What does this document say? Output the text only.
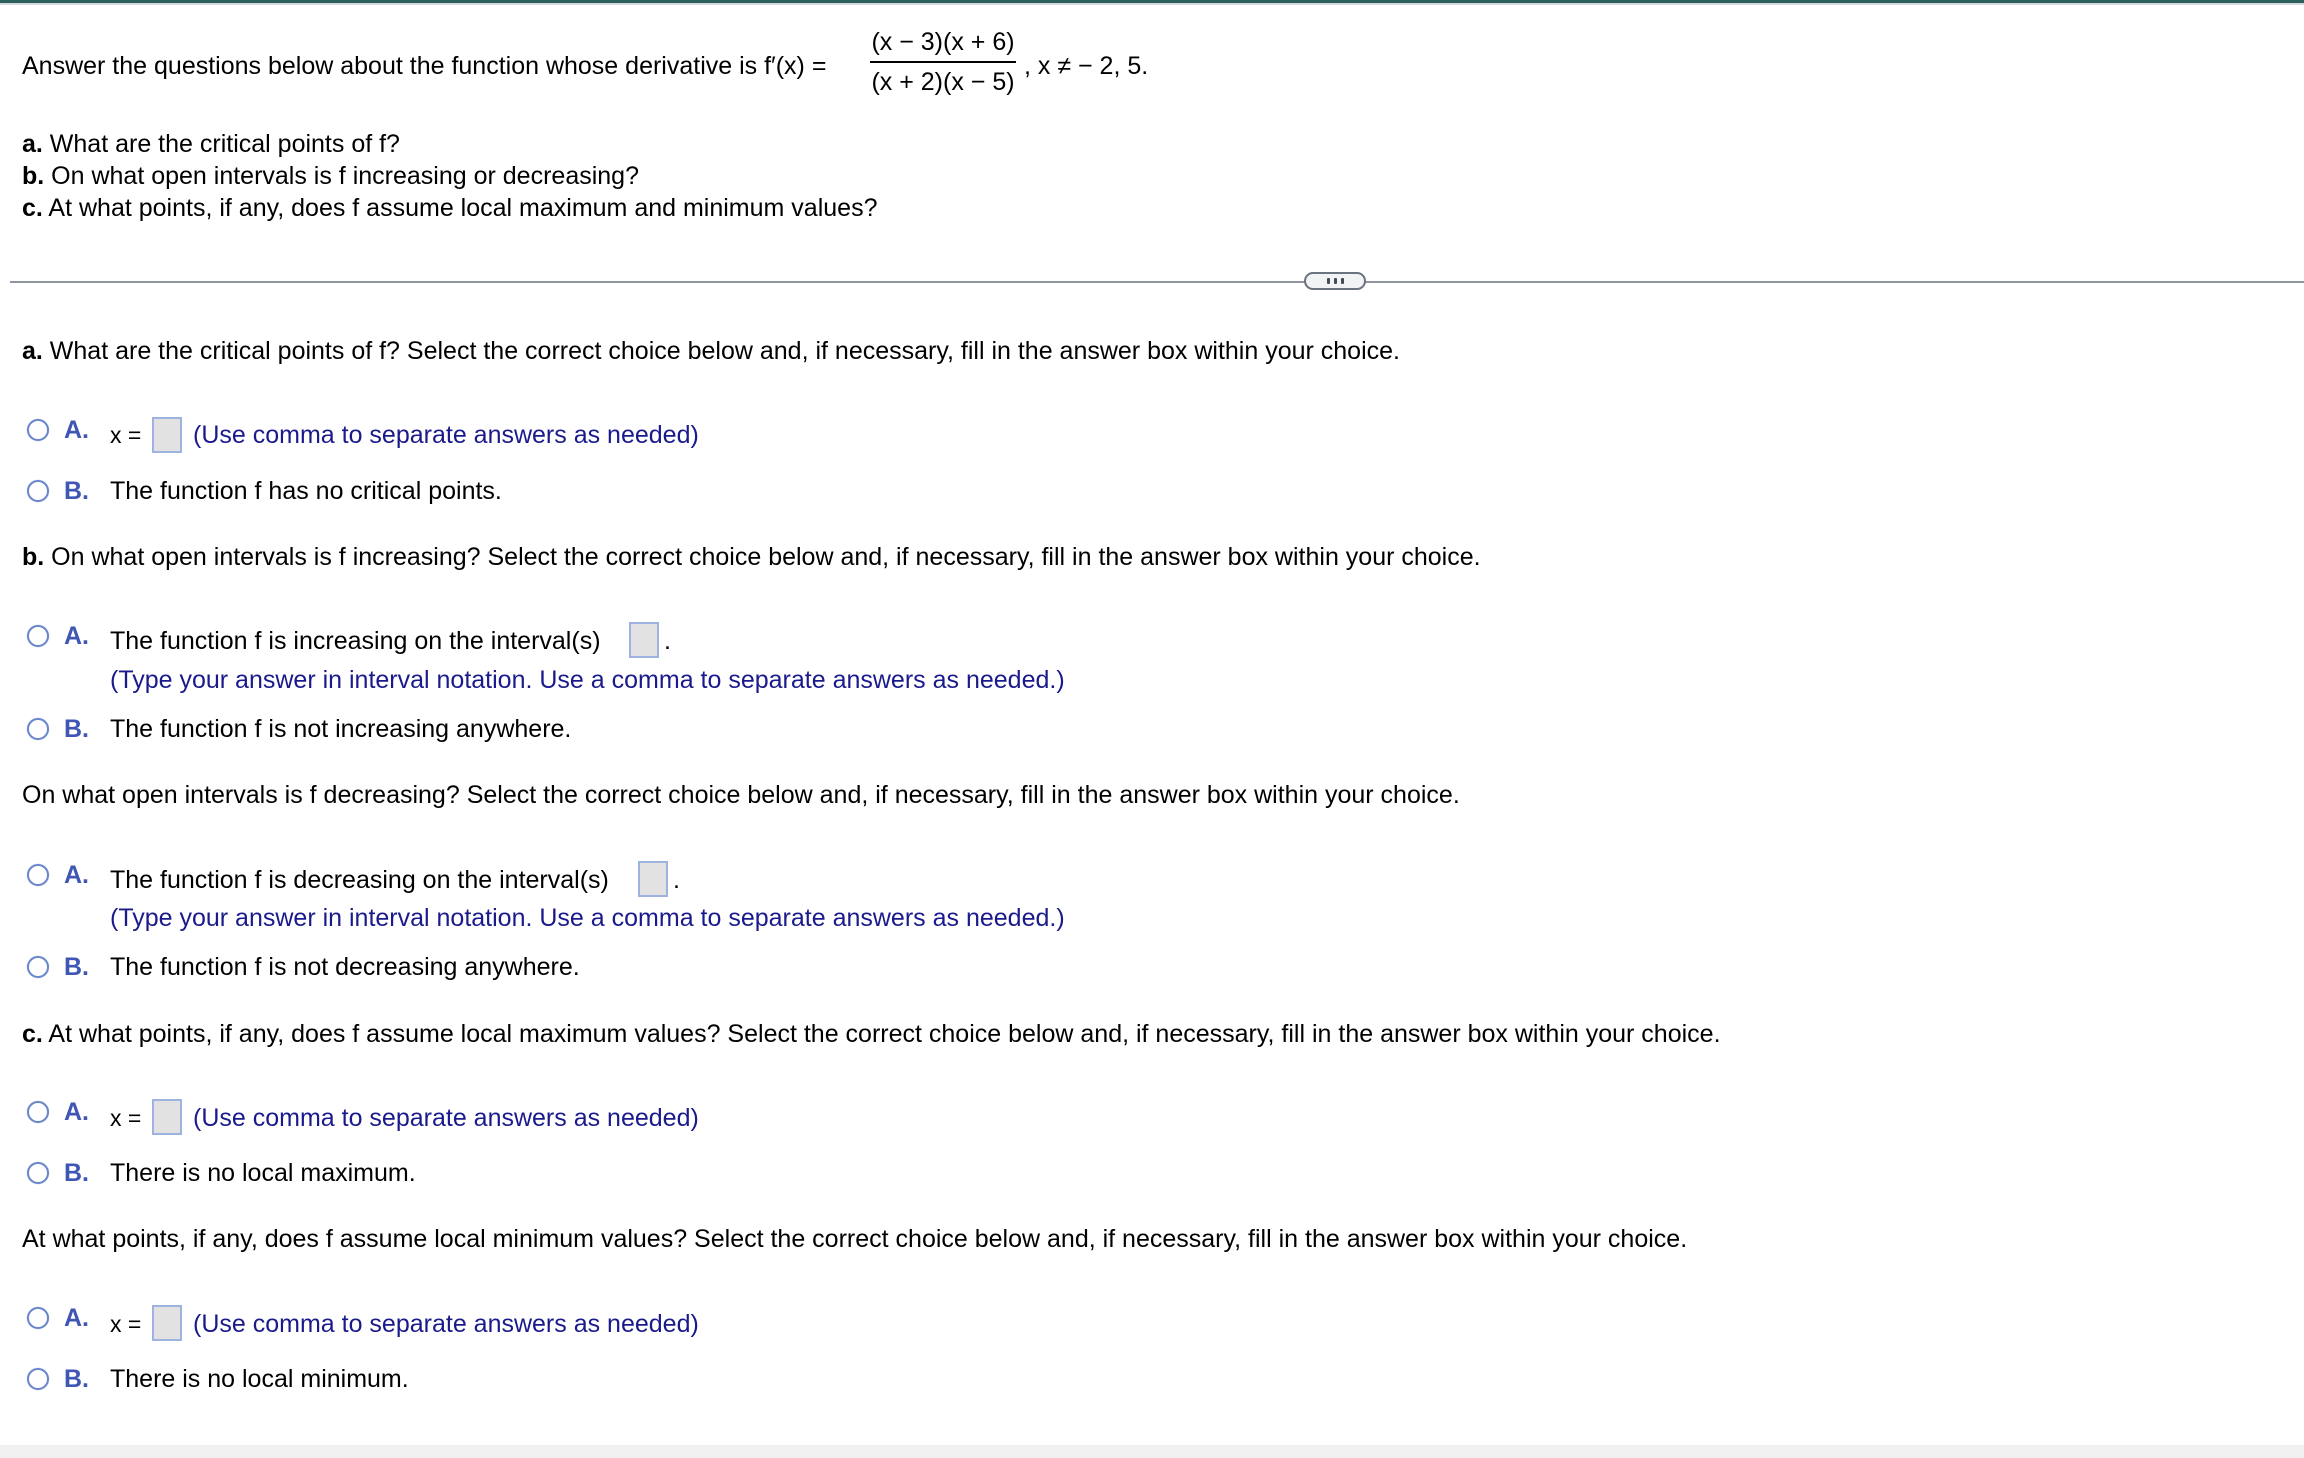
Answer the questions below about the function whose derivative is f′(x) =
(x − 3)(x + 6)
(x + 2)(x − 5)
, x ≠ − 2, 5.
a. What are the critical points of f?
b. On what open intervals is f increasing or decreasing?
c. At what points, if any, does f assume local maximum and minimum values?
a. What are the critical points of f? Select the correct choice below and, if necessary, fill in the answer box within your choice.
A. x = (Use comma to separate answers as needed)
B. The function f has no critical points.
b. On what open intervals is f increasing? Select the correct choice below and, if necessary, fill in the answer box within your choice.
A. The function f is increasing on the interval(s)	.
(Type your answer in interval notation. Use a comma to separate answers as needed.)
B. The function f is not increasing anywhere.
On what open intervals is f decreasing? Select the correct choice below and, if necessary, fill in the answer box within your choice.
A. The function f is decreasing on the interval(s)	.
(Type your answer in interval notation. Use a comma to separate answers as needed.)
B. The function f is not decreasing anywhere.
c. At what points, if any, does f assume local maximum values? Select the correct choice below and, if necessary, fill in the answer box within your choice.
A. x = (Use comma to separate answers as needed)
B. There is no local maximum.
At what points, if any, does f assume local minimum values? Select the correct choice below and, if necessary, fill in the answer box within your choice.
A. x = (Use comma to separate answers as needed)
B. There is no local minimum.
